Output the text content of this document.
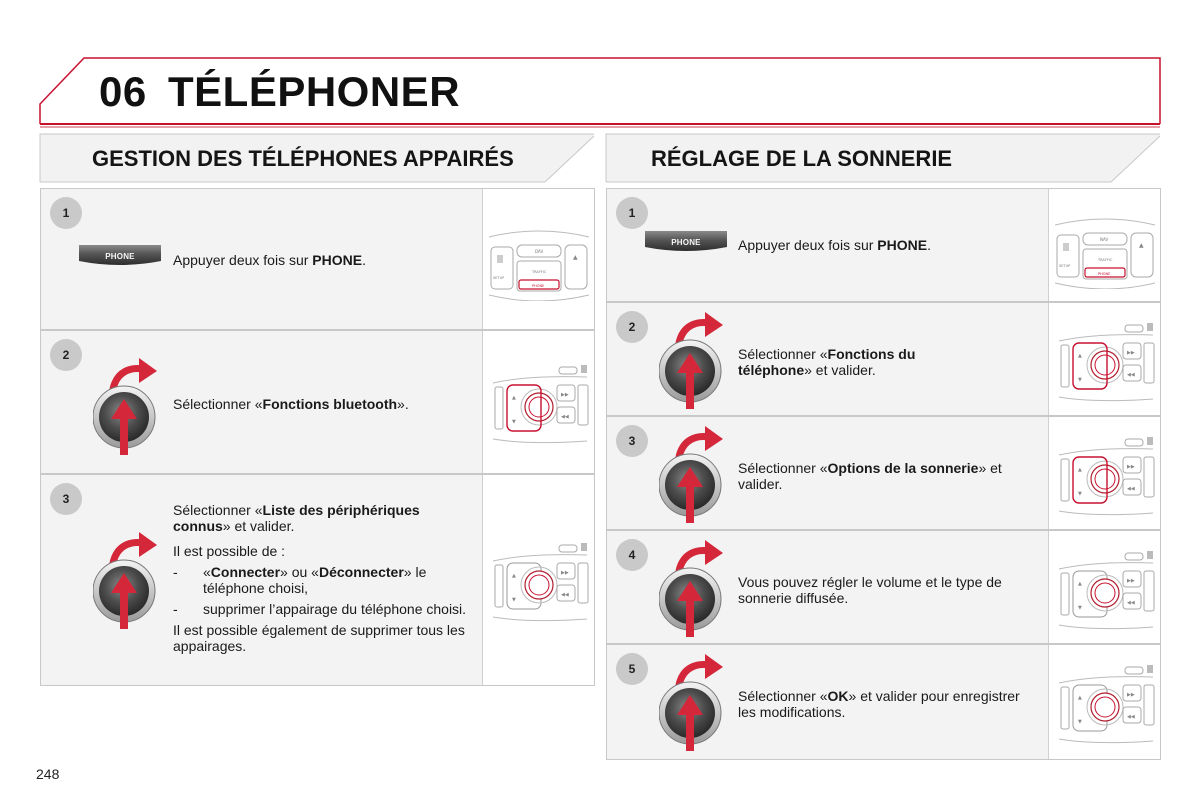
06 TÉLÉPHONER
GESTION DES TÉLÉPHONES APPAIRÉS	RÉGLAGE DE LA SONNERIE
1
PHONE	Appuyer deux fois sur PHONE.
DAV
SETUP
TRAFFIC
PHONE
2
Sélectionner «Fonctions bluetooth».
3

Sélectionner «Liste des périphériques connus» et valider.

Il est possible de :

- «Connecter» ou «Déconnecter» le téléphone choisi,
- supprimer l’appairage du téléphone choisi.

Il est possible également de supprimer tous les appairages.

1
PHONE	Appuyer deux fois sur PHONE.	NAV
SETUP
TRAFFIC
PHONE
2
Sélectionner «Fonctions du téléphone» et valider.
3
Sélectionner «Options de la sonnerie» et valider.
4
Vous pouvez régler le volume et le type de sonnerie diffusée.
5
Sélectionner «OK» et valider pour enregistrer les modifications.
248
